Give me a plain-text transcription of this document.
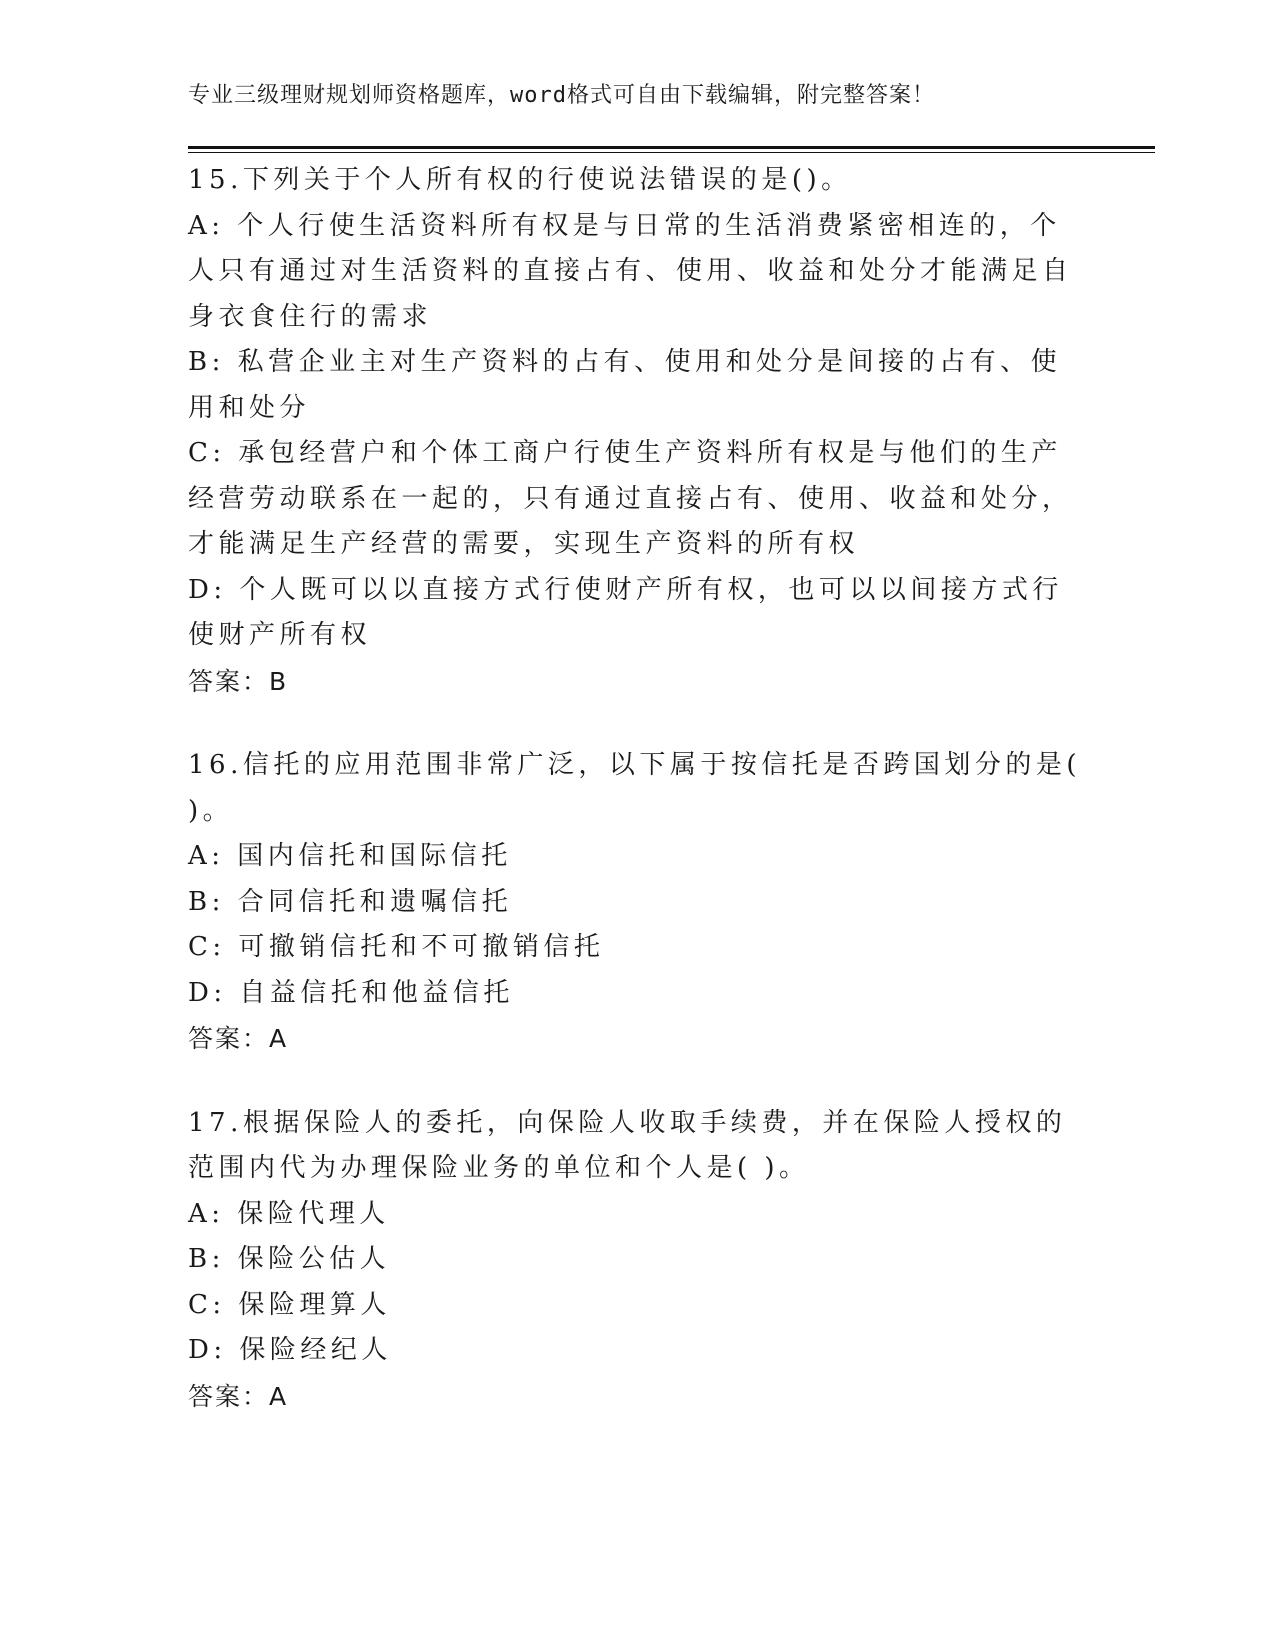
专业三级理财规划师资格题库，word格式可自由下载编辑，附完整答案！
15.下列关于个人所有权的行使说法错误的是()。
A: 个人行使生活资料所有权是与日常的生活消费紧密相连的，个人只有通过对生活资料的直接占有、使用、收益和处分才能满足自身衣食住行的需求
B: 私营企业主对生产资料的占有、使用和处分是间接的占有、使用和处分
C: 承包经营户和个体工商户行使生产资料所有权是与他们的生产经营劳动联系在一起的，只有通过直接占有、使用、收益和处分，才能满足生产经营的需要，实现生产资料的所有权
D: 个人既可以以直接方式行使财产所有权，也可以以间接方式行使财产所有权
答案：B
16.信托的应用范围非常广泛，以下属于按信托是否跨国划分的是( )。
A: 国内信托和国际信托
B: 合同信托和遗嘱信托
C: 可撤销信托和不可撤销信托
D: 自益信托和他益信托
答案：A
17.根据保险人的委托，向保险人收取手续费，并在保险人授权的范围内代为办理保险业务的单位和个人是( )。
A: 保险代理人
B: 保险公估人
C: 保险理算人
D: 保险经纪人
答案：A
